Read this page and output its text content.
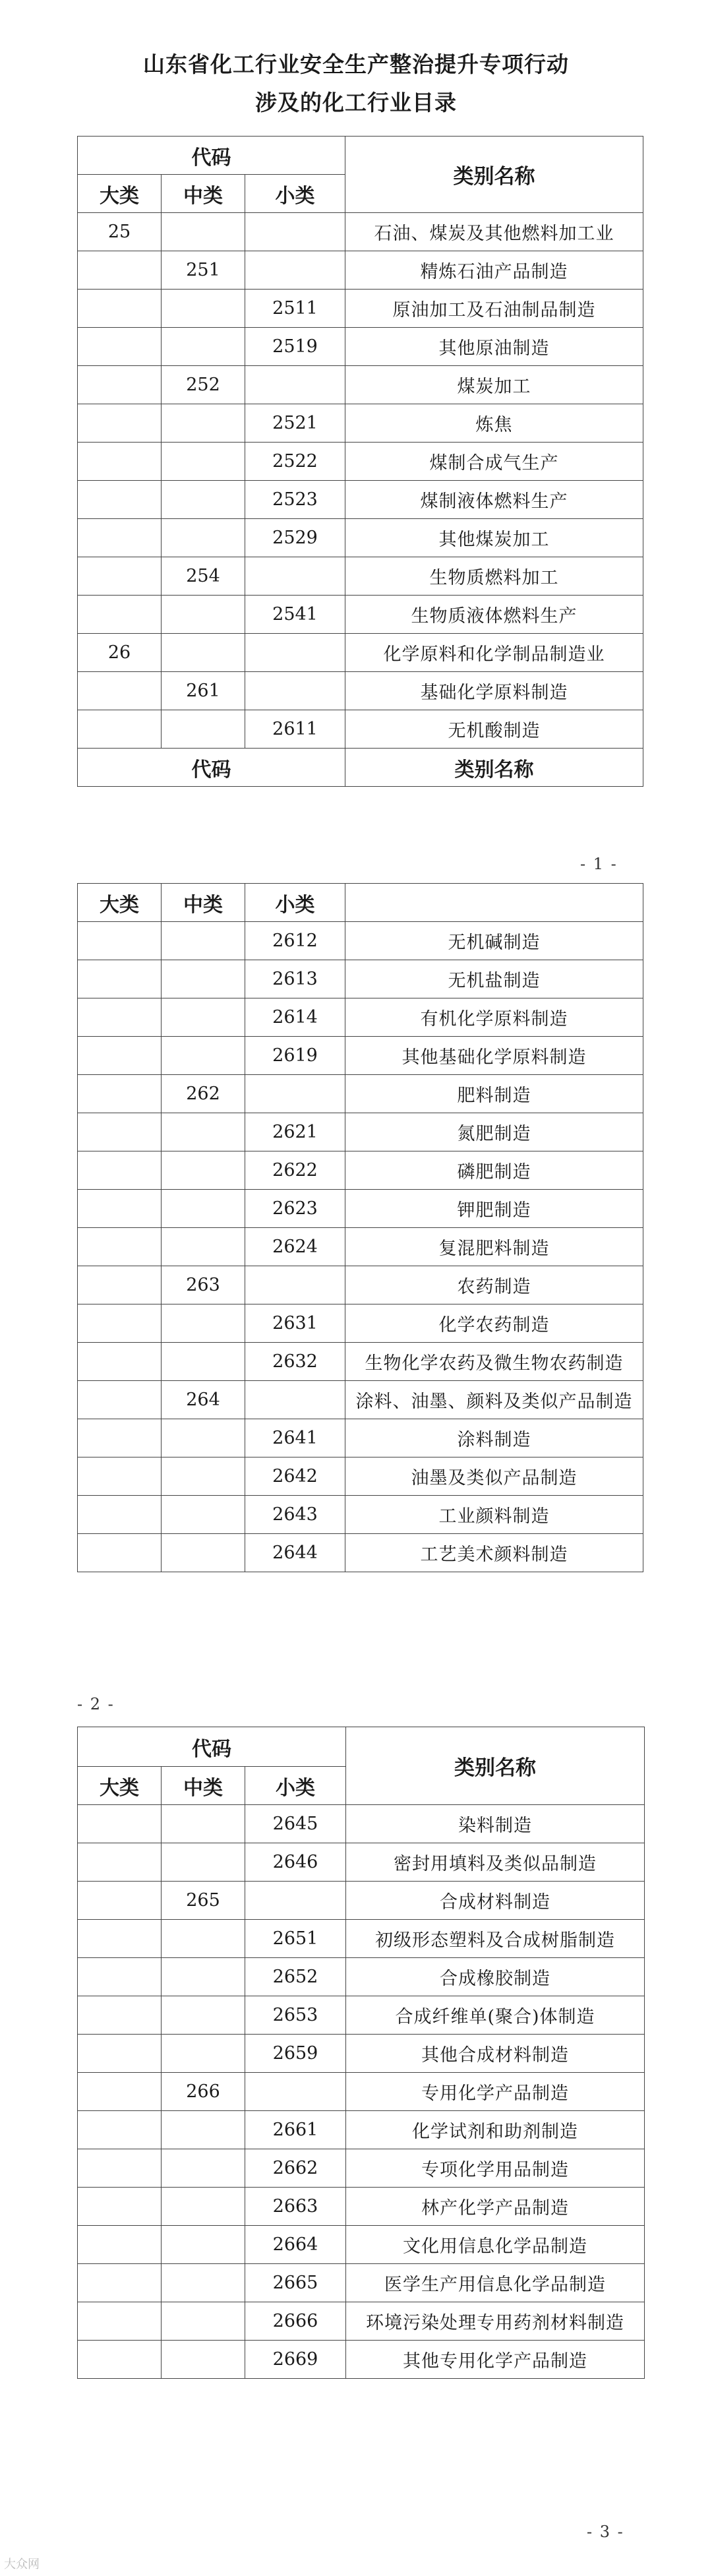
山东省化工行业安全生产整治提升专项行动
涉及的化工行业目录
代码			类别名称
大类	中类	小类	
25			石油、煤炭及其他燃料加工业
	251		精炼石油产品制造
		2511	原油加工及石油制品制造
		2519	其他原油制造
	252		煤炭加工
		2521	炼焦
		2522	煤制合成气生产
		2523	煤制液体燃料生产
		2529	其他煤炭加工
	254		生物质燃料加工
		2541	生物质液体燃料生产
26			化学原料和化学制品制造业
	261		基础化学原料制造
		2611	无机酸制造
代码			类别名称
- 1 -
大类	中类	小类	
		2612	无机碱制造
		2613	无机盐制造
		2614	有机化学原料制造
		2619	其他基础化学原料制造
	262		肥料制造
		2621	氮肥制造
		2622	磷肥制造
		2623	钾肥制造
		2624	复混肥料制造
	263		农药制造
		2631	化学农药制造
		2632	生物化学农药及微生物农药制造
	264		涂料、油墨、颜料及类似产品制造
		2641	涂料制造
		2642	油墨及类似产品制造
		2643	工业颜料制造
		2644	工艺美术颜料制造
- 2 -
代码			类别名称
大类	中类	小类	
		2645	染料制造
		2646	密封用填料及类似品制造
	265		合成材料制造
		2651	初级形态塑料及合成树脂制造
		2652	合成橡胶制造
		2653	合成纤维单(聚合)体制造
		2659	其他合成材料制造
	266		专用化学产品制造
		2661	化学试剂和助剂制造
		2662	专项化学用品制造
		2663	林产化学产品制造
		2664	文化用信息化学品制造
		2665	医学生产用信息化学品制造
		2666	环境污染处理专用药剂材料制造
		2669	其他专用化学产品制造
- 3 -
大众网
